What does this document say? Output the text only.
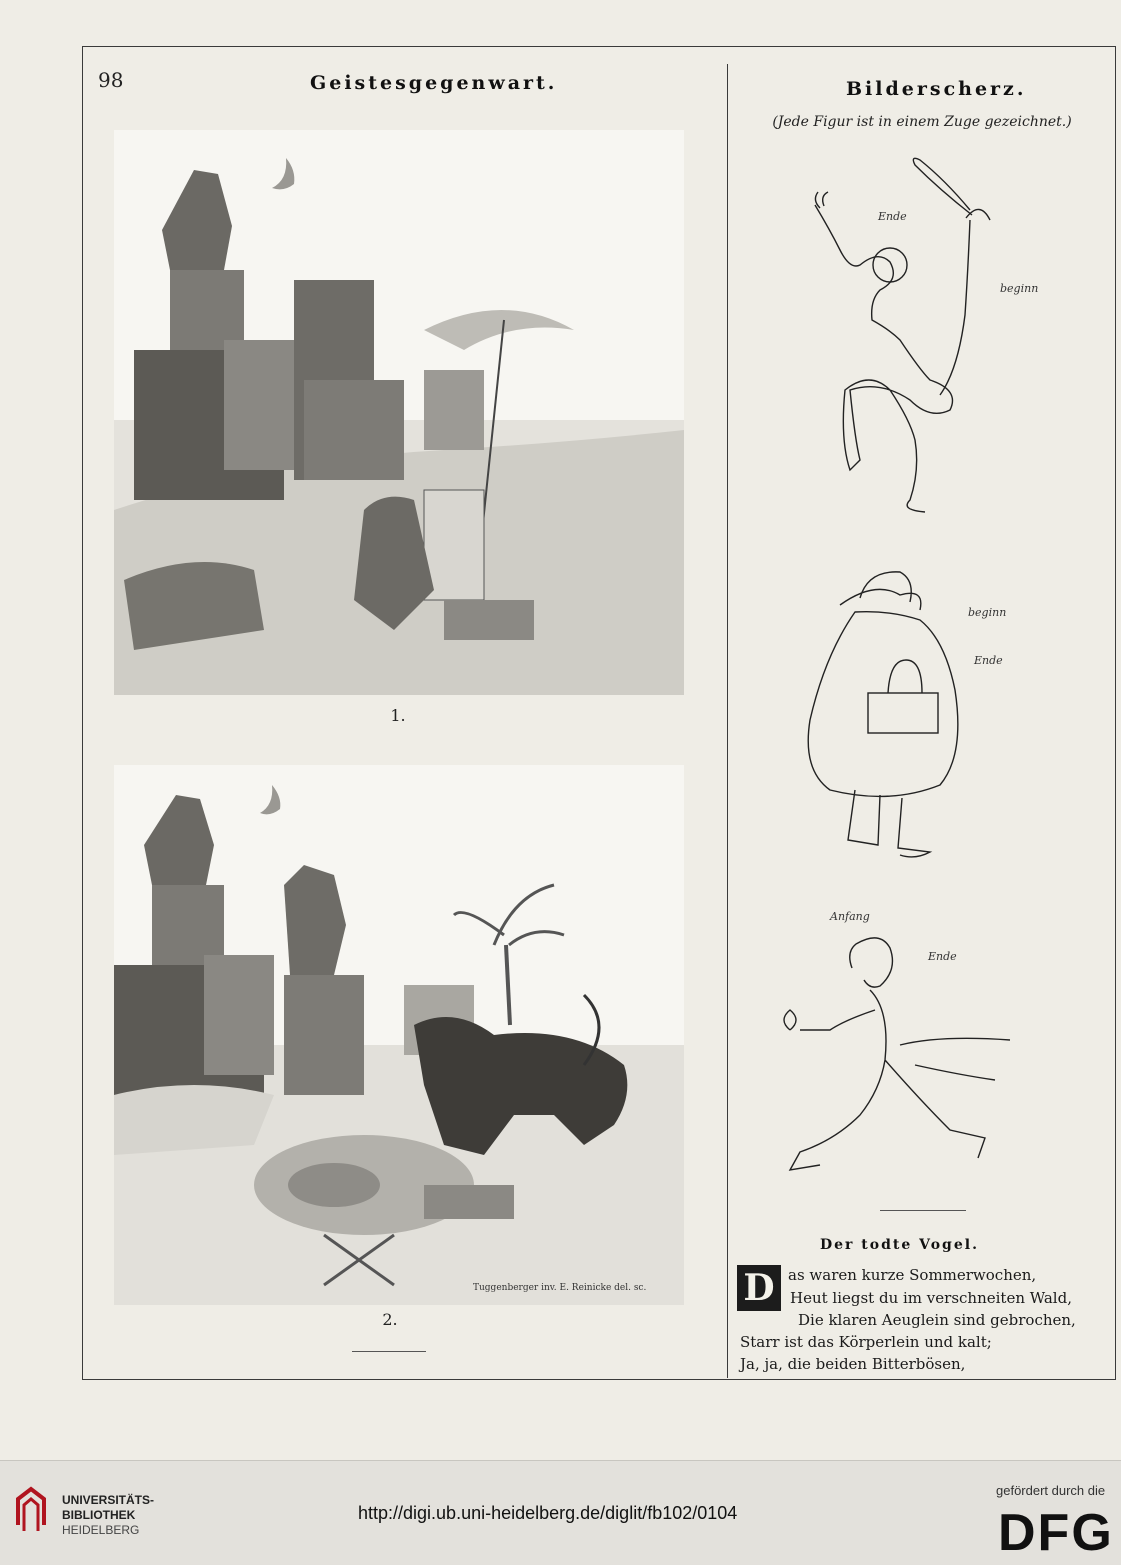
98	Geistesgegenwart.	Bilderscherz.
(Jede Figur ist in einem Zuge gezeichnet.)
1.
Tuggenberger inv. E. Reinicke del. sc.
2.
Ende
beginn
beginn
Ende
Anfang
Ende
Der todte Vogel.
D as waren kurze Sommerwochen,
Heut liegst du im verschneiten Wald,
Die klaren Aeuglein sind gebrochen,
Starr ist das Körperlein und kalt;
Ja, ja, die beiden Bitterbösen,
UNIVERSITÄTS-
BIBLIOTHEK
HEIDELBERG
http://digi.ub.uni-heidelberg.de/diglit/fb102/0104
gefördert durch die
DFG
